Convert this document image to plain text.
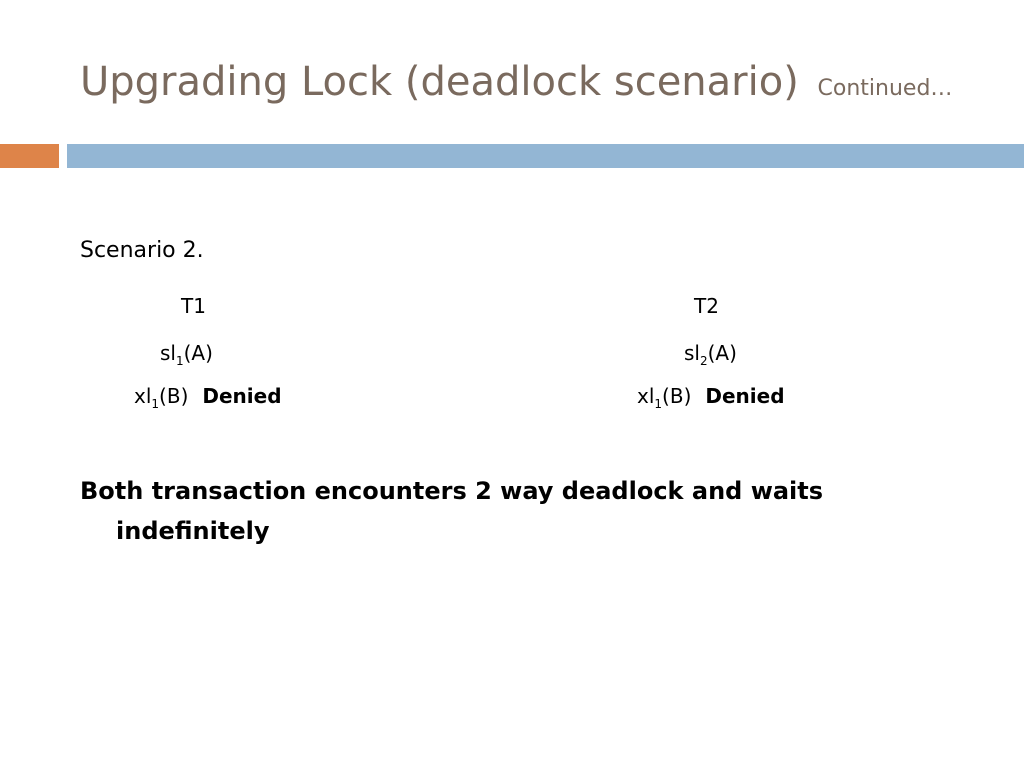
Upgrading Lock (deadlock scenario) Continued…
Scenario 2.
T1
$sl_1(A)$
$xl_1(B)$ Denied
T2
$sl_2(A)$
$xl_1(B)$ Denied
Both transaction encounters 2 way deadlock and waits
indefinitely
